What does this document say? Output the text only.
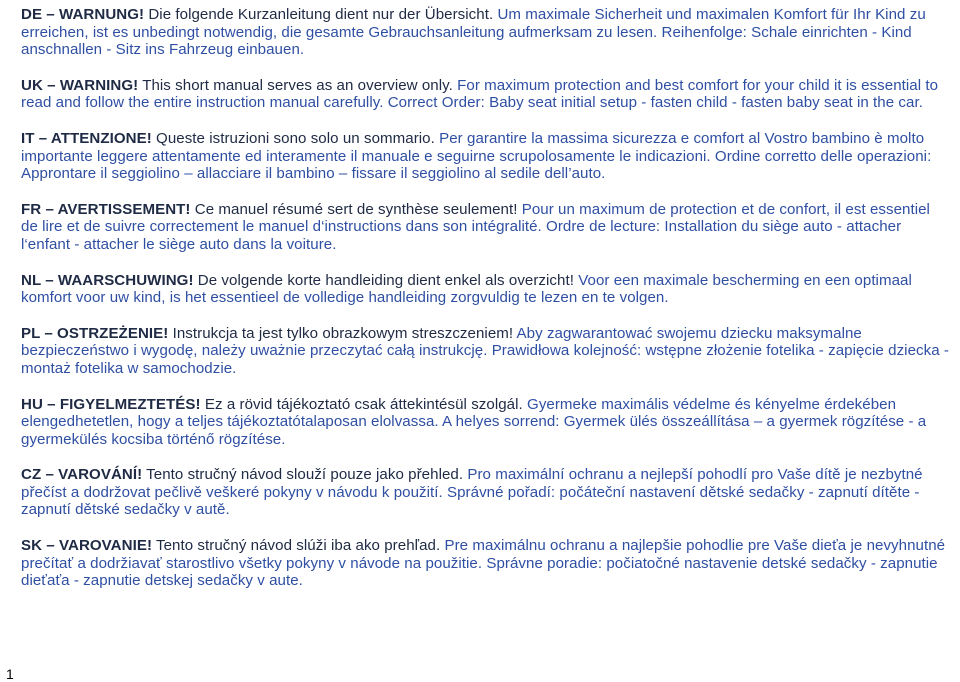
DE – WARNUNG! Die folgende Kurzanleitung dient nur der Übersicht. Um maximale Sicherheit und maximalen Komfort für Ihr Kind zu erreichen, ist es unbedingt notwendig, die gesamte Gebrauchsanleitung aufmerksam zu lesen. Reihenfolge: Schale einrichten - Kind anschnallen - Sitz ins Fahrzeug einbauen.

UK – WARNING! This short manual serves as an overview only. For maximum protection and best comfort for your child it is essential to read and follow the entire instruction manual carefully. Correct Order: Baby seat initial setup - fasten child - fasten baby seat in the car.

IT – ATTENZIONE! Queste istruzioni sono solo un sommario. Per garantire la massima sicurezza e comfort al Vostro bambino è molto importante leggere attentamente ed interamente il manuale e seguirne scrupolosamente le indicazioni. Ordine corretto delle operazioni: Approntare il seggiolino – allacciare il bambino – fissare il seggiolino al sedile dell’auto.

FR – AVERTISSEMENT! Ce manuel résumé sert de synthèse seulement! Pour un maximum de protection et de confort, il est essentiel de lire et de suivre correctement le manuel d‘instructions dans son intégralité. Ordre de lecture: Installation du siège auto - attacher l‘enfant - attacher le siège auto dans la voiture.

NL – WAARSCHUWING! De volgende korte handleiding dient enkel als overzicht! Voor een maximale bescherming en een optimaal komfort voor uw kind, is het essentieel de volledige handleiding zorgvuldig te lezen en te volgen.

PL – OSTRZEŻENIE! Instrukcja ta jest tylko obrazkowym streszczeniem! Aby zagwarantować swojemu dziecku maksymalne bezpieczeństwo i wygodę, należy uważnie przeczytać całą instrukcję. Prawidłowa kolejność: wstępne złożenie fotelika - zapięcie dziecka - montaż fotelika w samochodzie.

HU – FIGYELMEZTETÉS! Ez a rövid tájékoztató csak áttekintésül szolgál. Gyermeke maximális védelme és kényelme érdekében elengedhetetlen, hogy a teljes tájékoztatótalaposan elolvassa. A helyes sorrend: Gyermek ülés összeállítása – a gyermek rögzítése - a gyermekülés kocsiba történő rögzítése.

CZ – VAROVÁNÍ! Tento stručný návod slouží pouze jako přehled. Pro maximální ochranu a nejlepší pohodlí pro Vaše dítě je nezbytné přečíst a dodržovat pečlivě veškeré pokyny v návodu k použití. Správné pořadí: počáteční nastavení dětské sedačky - zapnutí dítěte - zapnutí dětské sedačky v autě.

SK – VAROVANIE! Tento stručný návod slúži iba ako prehľad. Pre maximálnu ochranu a najlepšie pohodlie pre Vaše dieťa je nevyhnutné prečítať a dodržiavať starostlivo všetky pokyny v návode na použitie. Správne poradie: počiatočné nastavenie detské sedačky - zapnutie dieťaťa - zapnutie detskej sedačky v aute.

1
